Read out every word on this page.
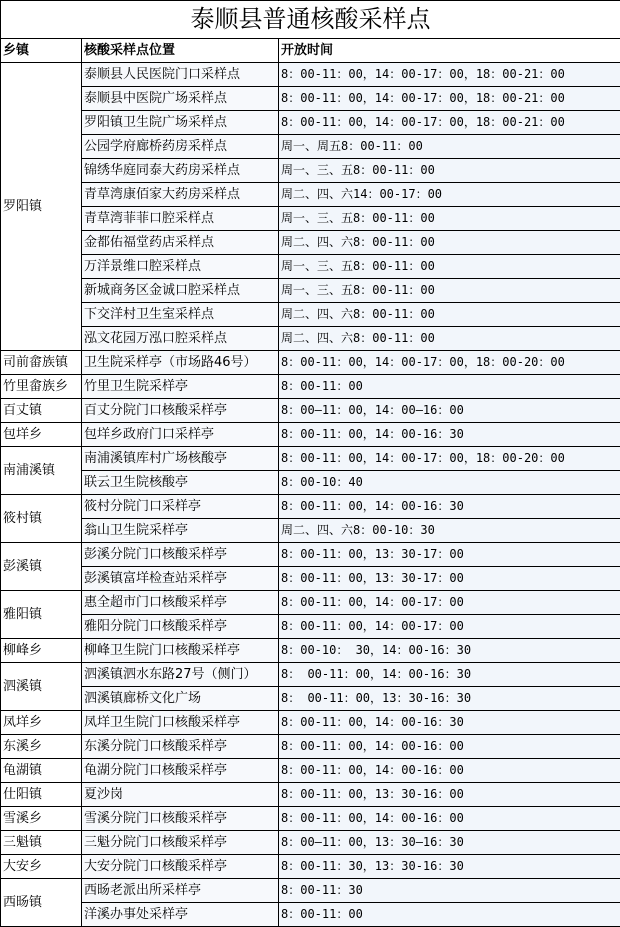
泰顺县普通核酸采样点		
乡镇	核酸采样点位置	开放时间
罗阳镇	泰顺县人民医院门口采样点	8：00-11：00，14：00-17：00，18：00-21：00
	泰顺县中医院广场采样点	8：00-11：00，14：00-17：00，18：00-21：00
	罗阳镇卫生院广场采样点	8：00-11：00，14：00-17：00，18：00-21：00
	公园学府廊桥药房采样点	周一、周五8：00-11：00
	锦绣华庭同泰大药房采样点	周一、三、五8：00-11：00
	青草湾康佰家大药房采样点	周二、四、六14：00-17：00
	青草湾菲菲口腔采样点	周一、三、五8：00-11：00
	金都佑福堂药店采样点	周二、四、六8：00-11：00
	万洋景维口腔采样点	周一、三、五8：00-11：00
	新城商务区金诚口腔采样点	周一、三、五8：00-11：00
	下交洋村卫生室采样点	周二、四、六8：00-11：00
	泓文花园万泓口腔采样点	周二、四、六8：00-11：00
司前畲族镇	卫生院采样亭（市场路46号）	8：00-11：00，14：00-17：00，18：00-20：00
竹里畲族乡	竹里卫生院采样亭	8：00-11：00
百丈镇	百丈分院门口核酸采样亭	8：00—11：00，14：00—16：00
包垟乡	包垟乡政府门口采样亭	8：00-11：00，14：00-16：30
南浦溪镇	南浦溪镇库村广场核酸亭	8：00-11：00，14：00-17：00，18：00-20：00
	联云卫生院核酸亭	8：00-10：40
筱村镇	筱村分院门口采样亭	8：00-11：00，14：00-16：30
	翁山卫生院采样亭	周二、四、六8：00-10：30
彭溪镇	彭溪分院门口核酸采样亭	8：00-11：00，13：30-17：00
	彭溪镇富垟检查站采样亭	8：00-11：00，13：30-17：00
雅阳镇	惠全超市门口核酸采样亭	8：00-11：00，14：00-17：00
	雅阳分院门口核酸采样亭	8：00-11：00，14：00-17：00
柳峰乡	柳峰卫生院门口核酸采样亭	8：00-10： 30，14：00-16：30
泗溪镇	泗溪镇泗水东路27号（侧门）	8： 00-11：00，14：00-16：30
	泗溪镇廊桥文化广场	8： 00-11：00，13：30-16：30
凤垟乡	凤垟卫生院门口核酸采样亭	8：00-11：00，14：00-16：30
东溪乡	东溪分院门口核酸采样亭	8：00-11：00，14：00-16：00
龟湖镇	龟湖分院门口核酸采样亭	8：00-11：00，14：00-16：00
仕阳镇	夏沙岗	8：00-11：00，13：30-16：00
雪溪乡	雪溪分院门口核酸采样亭	8：00-11：00，14：00-16：00
三魁镇	三魁分院门口核酸采样亭	8：00—11：00，13：30—16：30
大安乡	大安分院门口核酸采样亭	8：00-11：30，13：30-16：30
西旸镇	西旸老派出所采样亭	8：00-11：30
	洋溪办事处采样亭	8：00-11：00
